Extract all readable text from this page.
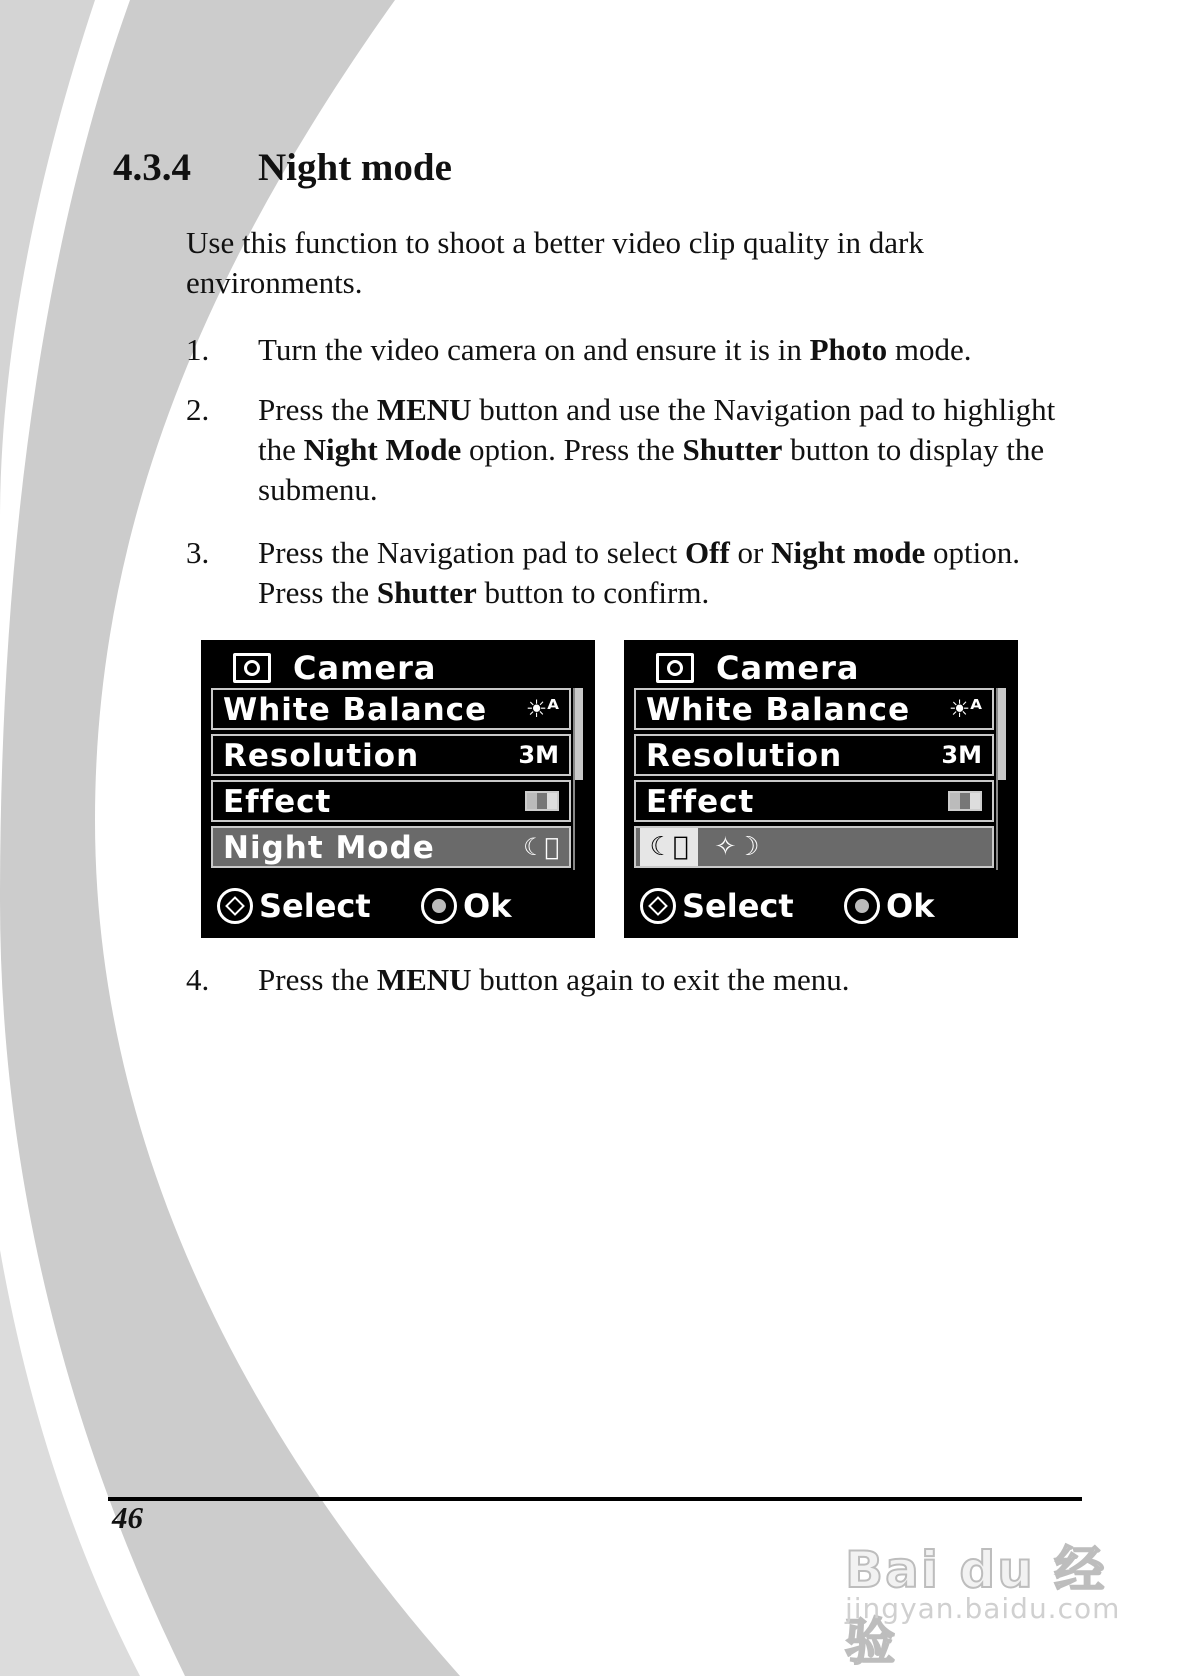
4.3.4 Night mode

Use this function to shoot a better video clip quality in dark environments.

1. Turn the video camera on and ensure it is in Photo mode.
2. Press the MENU button and use the Navigation pad to highlight the Night Mode option. Press the Shutter button to display the submenu.
3. Press the Navigation pad to select Off or Night mode option. Press the Shutter button to confirm.
Camera
White Balance ☀ᴬ
Resolution	3M
Effect
Night Mode	☾⃠
Select	Ok
Camera
White Balance ☀ᴬ
Resolution	3M
Effect
☾⃠ ✧☽
Select	Ok
4. Press the MENU button again to exit the menu.
46
Bai du 经验
jingyan.baidu.com
